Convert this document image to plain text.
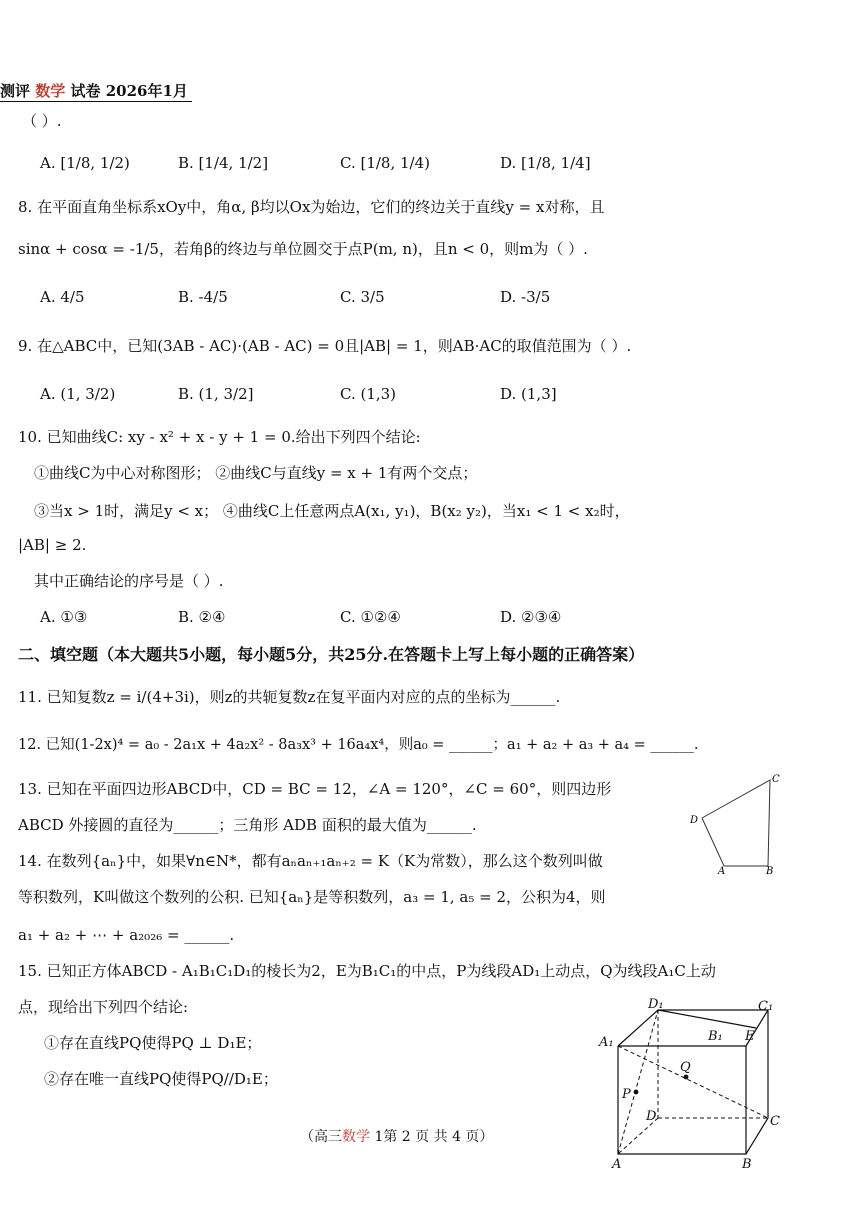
测评 数学 试卷 2026年1月
（ ）.
A. [1/8, 1/2)	B. [1/4, 1/2]	C. [1/8, 1/4)	D. [1/8, 1/4]
8. 在平面直角坐标系xOy中，角α, β均以Ox为始边，它们的终边关于直线y = x对称，且
sinα + cosα = -1/5，若角β的终边与单位圆交于点P(m, n)，且n < 0，则m为（ ）.
A. 4/5	B. -4/5	C. 3/5	D. -3/5
9. 在△ABC中，已知(3AB - AC)·(AB - AC) = 0且|AB| = 1，则AB·AC的取值范围为（ ）.
A. (1, 3/2)	B. (1, 3/2]	C. (1,3)	D. (1,3]
10. 已知曲线C: xy - x² + x - y + 1 = 0.给出下列四个结论:
①曲线C为中心对称图形； ②曲线C与直线y = x + 1有两个交点；
③当x > 1时，满足y < x； ④曲线C上任意两点A(x₁, y₁)，B(x₂ y₂)，当x₁ < 1 < x₂时，
|AB| ≥ 2.
其中正确结论的序号是（ ）.
A. ①③	B. ②④	C. ①②④	D. ②③④
二、填空题（本大题共5小题，每小题5分，共25分.在答题卡上写上每小题的正确答案）
11. 已知复数z = i/(4+3i)，则z的共轭复数z在复平面内对应的点的坐标为______.
12. 已知(1-2x)⁴ = a₀ - 2a₁x + 4a₂x² - 8a₃x³ + 16a₄x⁴，则a₀ = ______；a₁ + a₂ + a₃ + a₄ = ______.
13. 已知在平面四边形ABCD中，CD = BC = 12，∠A = 120°，∠C = 60°，则四边形
ABCD 外接圆的直径为______；三角形 ADB 面积的最大值为______.	D
A	B
C
14. 在数列{aₙ}中，如果∀n∈N*，都有aₙaₙ₊₁aₙ₊₂ = K（K为常数），那么这个数列叫做
等积数列，K叫做这个数列的公积. 已知{aₙ}是等积数列，a₃ = 1, a₅ = 2，公积为4，则
a₁ + a₂ + ⋯ + a₂₀₂₆ = ______.
15. 已知正方体ABCD - A₁B₁C₁D₁的棱长为2，E为B₁C₁的中点，P为线段AD₁上动点，Q为线段A₁C上动
点，现给出下列四个结论:
①存在直线PQ使得PQ ⊥ D₁E；
②存在唯一直线PQ使得PQ//D₁E；
A₁
D₁	C₁
B₁ E
P
Q
D	C
A	B
（高三数学 1第 2 页 共 4 页）
